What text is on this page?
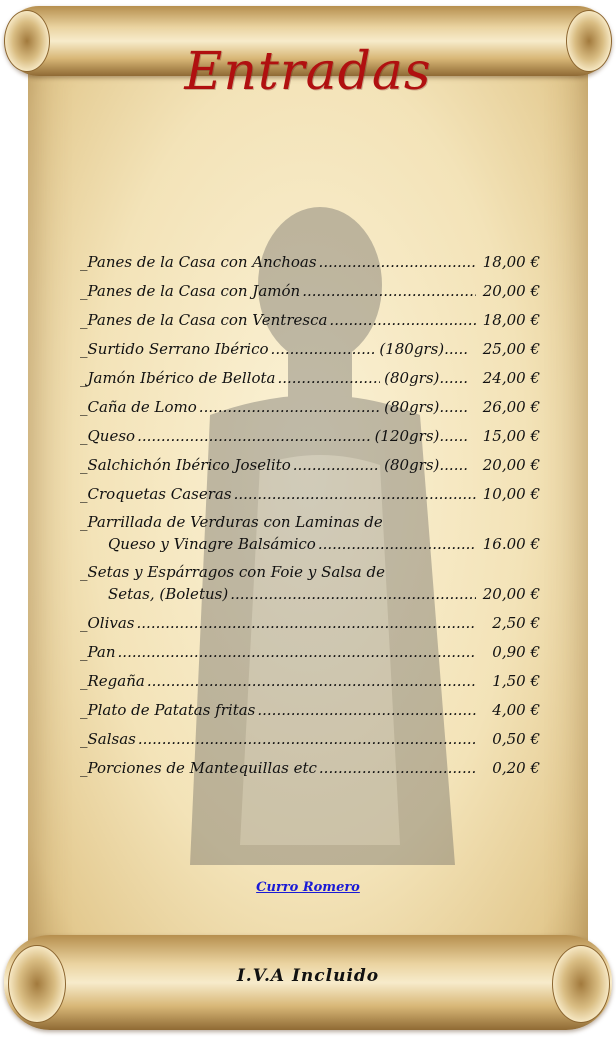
Entradas
_Panes de la Casa con Anchoas .....	18,00 €
_Panes de la Casa con Jamón .....	20,00 €
_Panes de la Casa con Ventresca .....	18,00 €
_Surtido Serrano Ibérico .....	(180grs)..... 25,00 €
_Jamón Ibérico de Bellota .....	(80grs)...... 24,00 €
_Caña de Lomo .....	(80grs)...... 26,00 €
_Queso .....	(120grs)...... 15,00 €
_Salchichón Ibérico Joselito .....	(80grs)...... 20,00 €
_Croquetas Caseras .....	10,00 €
_Parrillada de Verduras con Laminas de
Queso y Vinagre Balsámico .....	16.00 €
_Setas y Espárragos con Foie y Salsa de
Setas, (Boletus) .....	20,00 €
_Olivas .....	2,50 €
_Pan .....	0,90 €
_Regaña .....	1,50 €
_Plato de Patatas fritas .....	4,00 €
_Salsas .....	0,50 €
_Porciones de Mantequillas etc .....	0,20 €
Curro Romero
I.V.A Incluido
